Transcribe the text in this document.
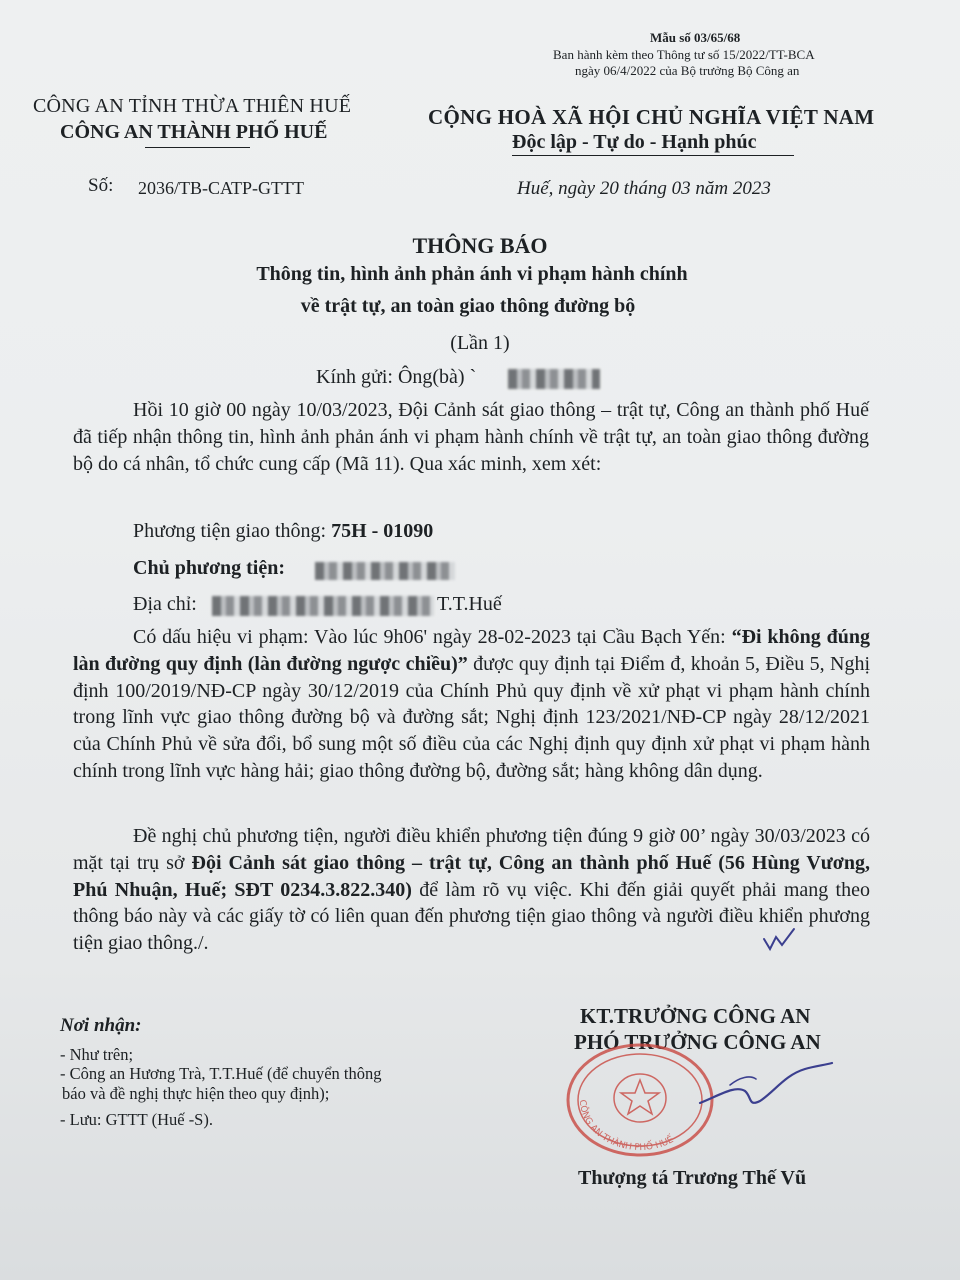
Mẫu số 03/65/68
Ban hành kèm theo Thông tư số 15/2022/TT-BCA
ngày 06/4/2022 của Bộ trưởng Bộ Công an
CÔNG AN TỈNH THỪA THIÊN HUẾ
CÔNG AN THÀNH PHỐ HUẾ
CỘNG HOÀ XÃ HỘI CHỦ NGHĨA VIỆT NAM
Độc lập - Tự do - Hạnh phúc
Số: 2036/TB-CATP-GTTT	Huế, ngày 20 tháng 03 năm 2023
THÔNG BÁO
Thông tin, hình ảnh phản ánh vi phạm hành chính
về trật tự, an toàn giao thông đường bộ
(Lần 1)
Kính gửi: Ông(bà) `
Hồi 10 giờ 00 ngày 10/03/2023, Đội Cảnh sát giao thông – trật tự, Công an thành phố Huế đã tiếp nhận thông tin, hình ảnh phản ánh vi phạm hành chính về trật tự, an toàn giao thông đường bộ do cá nhân, tổ chức cung cấp (Mã 11). Qua xác minh, xem xét:
Phương tiện giao thông: 75H - 01090
Chủ phương tiện:
Địa chỉ:	T.T.Huế
Có dấu hiệu vi phạm: Vào lúc 9h06' ngày 28-02-2023 tại Cầu Bạch Yến: “Đi không đúng làn đường quy định (làn đường ngược chiều)” được quy định tại Điểm đ, khoản 5, Điều 5, Nghị định 100/2019/NĐ-CP ngày 30/12/2019 của Chính Phủ quy định về xử phạt vi phạm hành chính trong lĩnh vực giao thông đường bộ và đường sắt; Nghị định 123/2021/NĐ-CP ngày 28/12/2021 của Chính Phủ về sửa đổi, bổ sung một số điều của các Nghị định quy định xử phạt vi phạm hành chính trong lĩnh vực hàng hải; giao thông đường bộ, đường sắt; hàng không dân dụng.
Đề nghị chủ phương tiện, người điều khiển phương tiện đúng 9 giờ 00’ ngày 30/03/2023 có mặt tại trụ sở Đội Cảnh sát giao thông – trật tự, Công an thành phố Huế (56 Hùng Vương, Phú Nhuận, Huế; SĐT 0234.3.822.340) để làm rõ vụ việc. Khi đến giải quyết phải mang theo thông báo này và các giấy tờ có liên quan đến phương tiện giao thông và người điều khiển phương tiện giao thông./.
Nơi nhận:
- Như trên;
- Công an Hương Trà, T.T.Huế (để chuyển thông
báo và đề nghị thực hiện theo quy định);
- Lưu: GTTT (Huế -S).
KT.TRƯỞNG CÔNG AN
PHÓ TRƯỞNG CÔNG AN
CÔNG AN THÀNH PHỐ HUẾ
Thượng tá Trương Thế Vũ
